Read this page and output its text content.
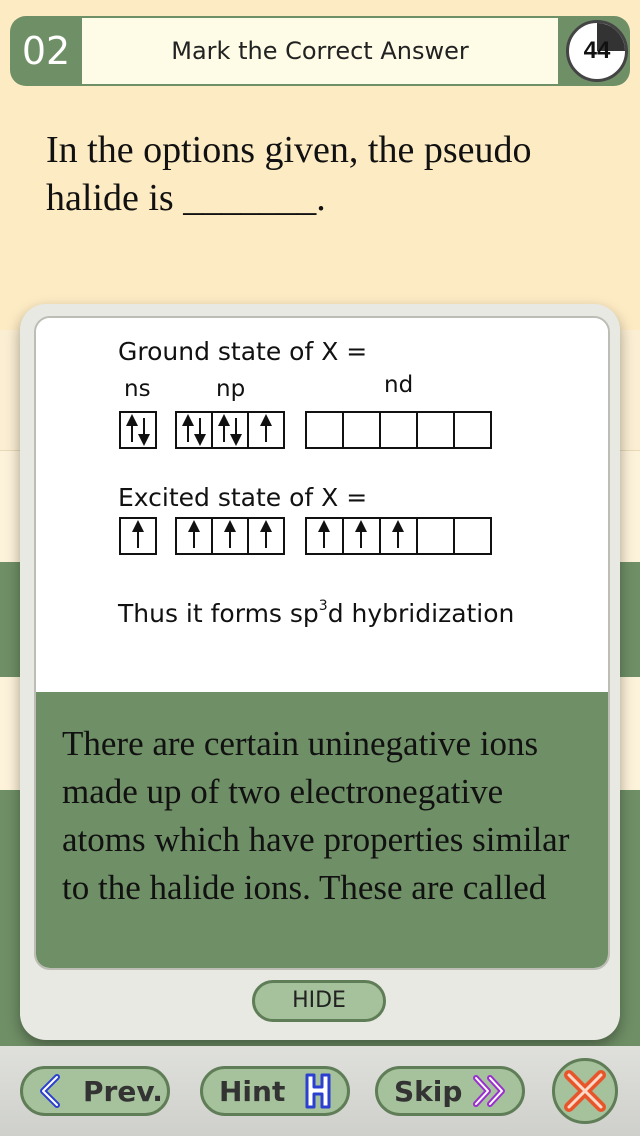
02	Mark the Correct Answer	44
In the options given, the pseudo halide is _______.
Ground state of X =
ns	np	nd
Excited state of X =
Thus it forms $sp^3d$ hybridization
There are certain uninegative ions made up of two electronegative atoms which have properties similar to the halide ions. These are called
HIDE
Prev. Hint	Skip
